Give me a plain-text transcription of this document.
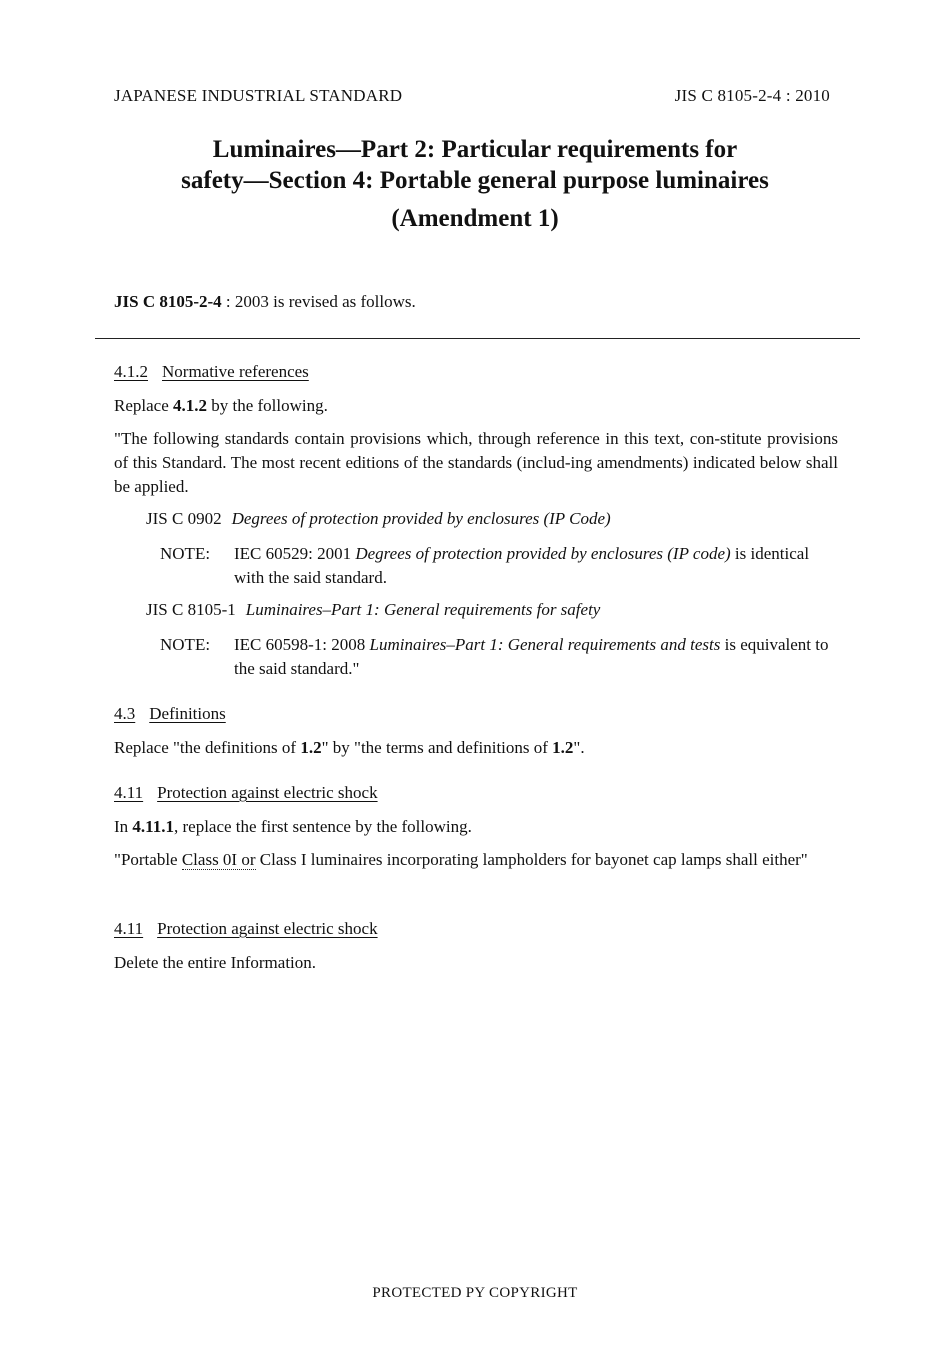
JAPANESE INDUSTRIAL STANDARD	JIS C 8105-2-4 : 2010
Luminaires—Part 2: Particular requirements for
safety—Section 4: Portable general purpose luminaires
(Amendment 1)
JIS C 8105-2-4 : 2003 is revised as follows.
4.1.2 Normative references
Replace 4.1.2 by the following.
"The following standards contain provisions which, through reference in this text, con-stitute provisions of this Standard. The most recent editions of the standards (includ-ing amendments) indicated below shall be applied.
JIS C 0902 Degrees of protection provided by enclosures (IP Code)
NOTE: IEC 60529: 2001 Degrees of protection provided by enclosures (IP code) is identical with the said standard.
JIS C 8105-1 Luminaires–Part 1: General requirements for safety
NOTE: IEC 60598-1: 2008 Luminaires–Part 1: General requirements and tests is equivalent to the said standard."
4.3 Definitions
Replace "the definitions of 1.2" by "the terms and definitions of 1.2".
4.11 Protection against electric shock
In 4.11.1, replace the first sentence by the following.
"Portable Class 0I or Class I luminaires incorporating lampholders for bayonet cap lamps shall either"
4.11 Protection against electric shock
Delete the entire Information.
PROTECTED PY COPYRIGHT
